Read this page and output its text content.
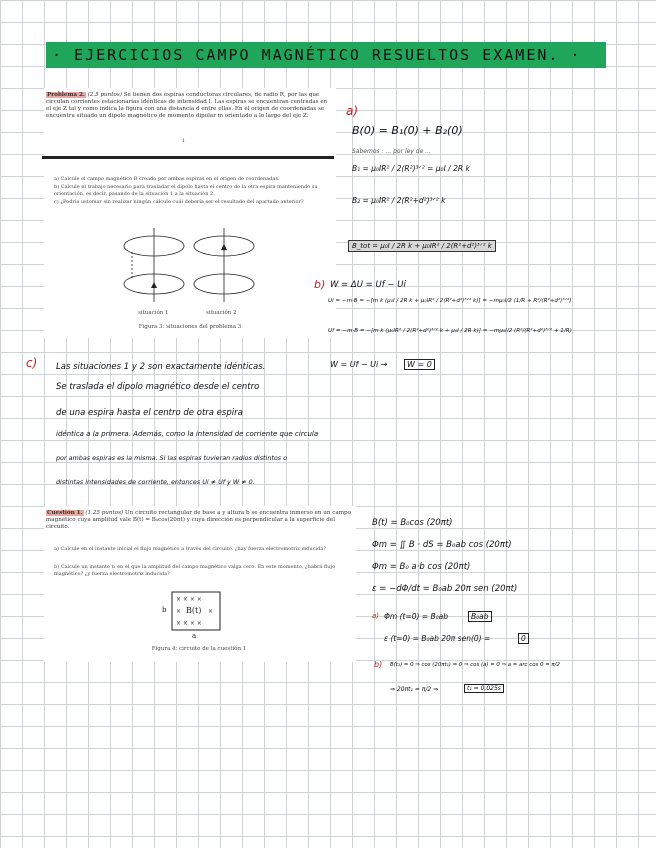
· EJERCICIOS CAMPO MAGNÉTICO RESUELTOS EXAMEN. ·
Problema 2. (2.5 puntos) Se tienen dos espiras conductoras circulares, de radio R, por las que circulan corrientes estacionarias idénticas de intensidad I. Las espiras se encuentran centradas en el eje Z tal y como indica la figura con una distancia d entre ellas. En el origen de coordenadas se encuentra situado un dipolo magnético de momento dipolar m orientado a lo largo del eje Z.
1
a) Calcule el campo magnético B creado por ambas espiras en el origen de coordenadas.
b) Calcule el trabajo necesario para trasladar el dipolo hasta el centro de la otra espira manteniendo su orientación, es decir, pasando de la situación 1 a la situación 2.
c) ¿Podría ustomar sin realizar ningún cálculo cuál debería ser el resultado del apartado anterior?
situación 1	situación 2
Figura 3: situaciones del problema 3
a)
B(0) = B₁(0) + B₂(0)
Sabemos : ... por ley de ...
B₁ = μ₀IR² / 2(R²)³ᐟ² = μ₀I / 2R k
B₂ = μ₀IR² / 2(R²+d²)³ᐟ² k
B_tot = μ₀I / 2R k + μ₀IR² / 2(R²+d²)³ᐟ² k
b) W = ΔU = Uf − Ui
Ui = −m·B = −[m k (μ₀I / 2R k + μ₀IR² / 2(R²+d²)³ᐟ² k)] = −mμ₀I/2 (1/R + R²/(R²+d²)³ᐟ²)
Uf = −m·B = −[m k (μ₀IR² / 2(R²+d²)³ᐟ² k + μ₀I / 2R k)] = −mμ₀I/2 (R²/(R²+d²)³ᐟ² + 1/R)
W = Uf − Ui →	W = 0
c) Las situaciones 1 y 2 son exactamente idénticas.
Se traslada el dipolo magnético desde el centro
de una espira hasta el centro de otra espira
idéntica a la primera. Además, como la intensidad de corriente que circula
por ambas espiras es la misma. Si las espiras tuvieran radios distintos o
distintas intensidades de corriente, entonces Ui ≠ Uf y W ≠ 0.
Cuestión 1. (1.25 puntos) Un circuito rectangular de base a y altura b se encuentra inmerso en un campo magnético cuya amplitud vale B(t) = B₀cos(20πt) y cuya dirección es perpendicular a la superficie del circuito.
a) Calcule en el instante inicial el flujo magnético a través del circuito. ¿hay fuerza electromotriz inducida?
b) Calcule un instante t₁ en el que la amplitud del campo magnético valga cero. En este momento, ¿habrá flujo magnético? ¿y fuerza electromotriz inducida?
× × × ×
×	×
× × × ×
B(t)
b
a
Figura 4: circuito de la cuestión 1
B(t) = B₀cos (20πt)
Φm = ∬ B · dS = B₀ab cos (20πt)
Φm = B₀ a·b cos (20πt)
ε = −dΦ/dt = B₀ab 20π sen (20πt)
a) Φm (t=0) = B₀ab	B₀ab
ε (t=0) = B₀ab 20π sen(0) =	0
b) B(t₁) = 0 ⇒ cos (20πt₁) = 0 ⇒ cos (a) = 0 ⇒ a = arc cos 0 = π/2
⇒ 20πt₁ = π/2 ⇒	t₁ = 0,025s
